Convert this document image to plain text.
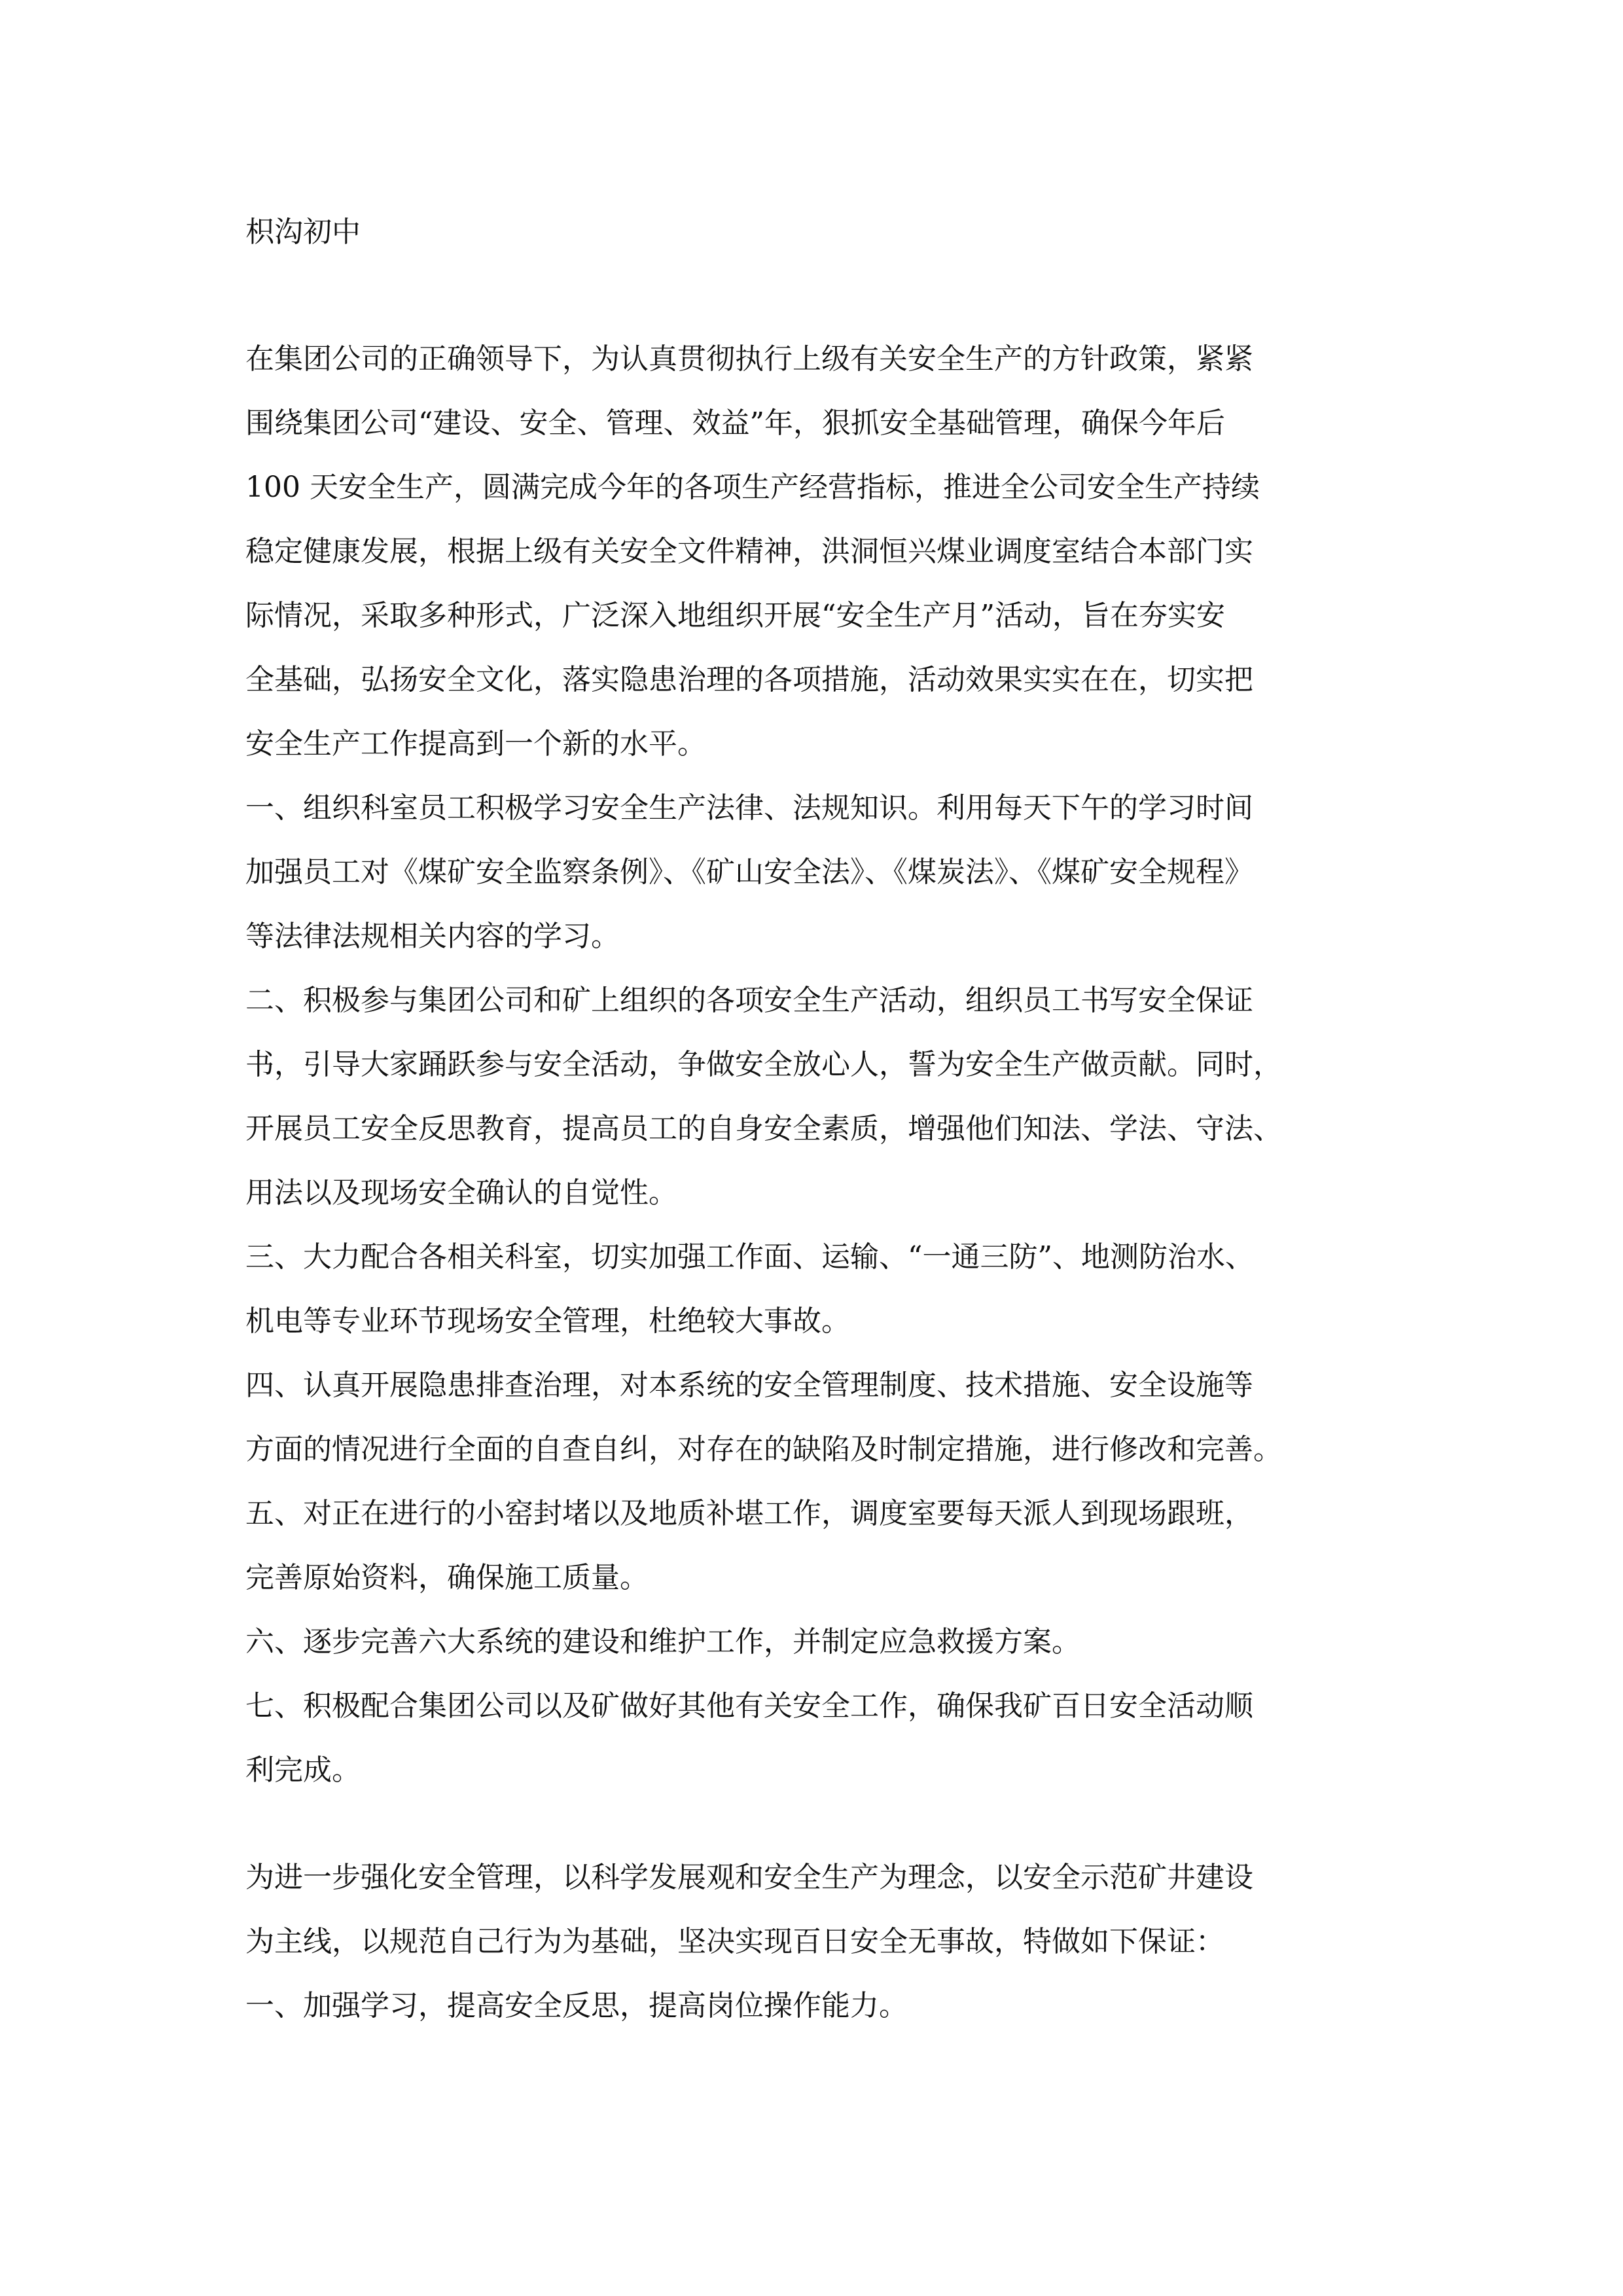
枳沟初中
在集团公司的正确领导下，为认真贯彻执行上级有关安全生产的方针政策，紧紧
围绕集团公司“建设、安全、管理、效益”年，狠抓安全基础管理，确保今年后
100 天安全生产，圆满完成今年的各项生产经营指标，推进全公司安全生产持续
稳定健康发展，根据上级有关安全文件精神，洪洞恒兴煤业调度室结合本部门实
际情况，采取多种形式，广泛深入地组织开展“安全生产月”活动，旨在夯实安
全基础，弘扬安全文化，落实隐患治理的各项措施，活动效果实实在在，切实把
安全生产工作提高到一个新的水平。
一、组织科室员工积极学习安全生产法律、法规知识。利用每天下午的学习时间
加强员工对《煤矿安全监察条例》、《矿山安全法》、《煤炭法》、《煤矿安全规程》
等法律法规相关内容的学习。
二、积极参与集团公司和矿上组织的各项安全生产活动，组织员工书写安全保证
书，引导大家踊跃参与安全活动，争做安全放心人，誓为安全生产做贡献。同时，
开展员工安全反思教育，提高员工的自身安全素质，增强他们知法、学法、守法、
用法以及现场安全确认的自觉性。
三、大力配合各相关科室，切实加强工作面、运输、“一通三防”、地测防治水、
机电等专业环节现场安全管理，杜绝较大事故。
四、认真开展隐患排查治理，对本系统的安全管理制度、技术措施、安全设施等
方面的情况进行全面的自查自纠，对存在的缺陷及时制定措施，进行修改和完善。
五、对正在进行的小窑封堵以及地质补堪工作，调度室要每天派人到现场跟班，
完善原始资料，确保施工质量。
六、逐步完善六大系统的建设和维护工作，并制定应急救援方案。
七、积极配合集团公司以及矿做好其他有关安全工作，确保我矿百日安全活动顺
利完成。
为进一步强化安全管理，以科学发展观和安全生产为理念，以安全示范矿井建设
为主线，以规范自己行为为基础，坚决实现百日安全无事故，特做如下保证：
一、加强学习，提高安全反思，提高岗位操作能力。
